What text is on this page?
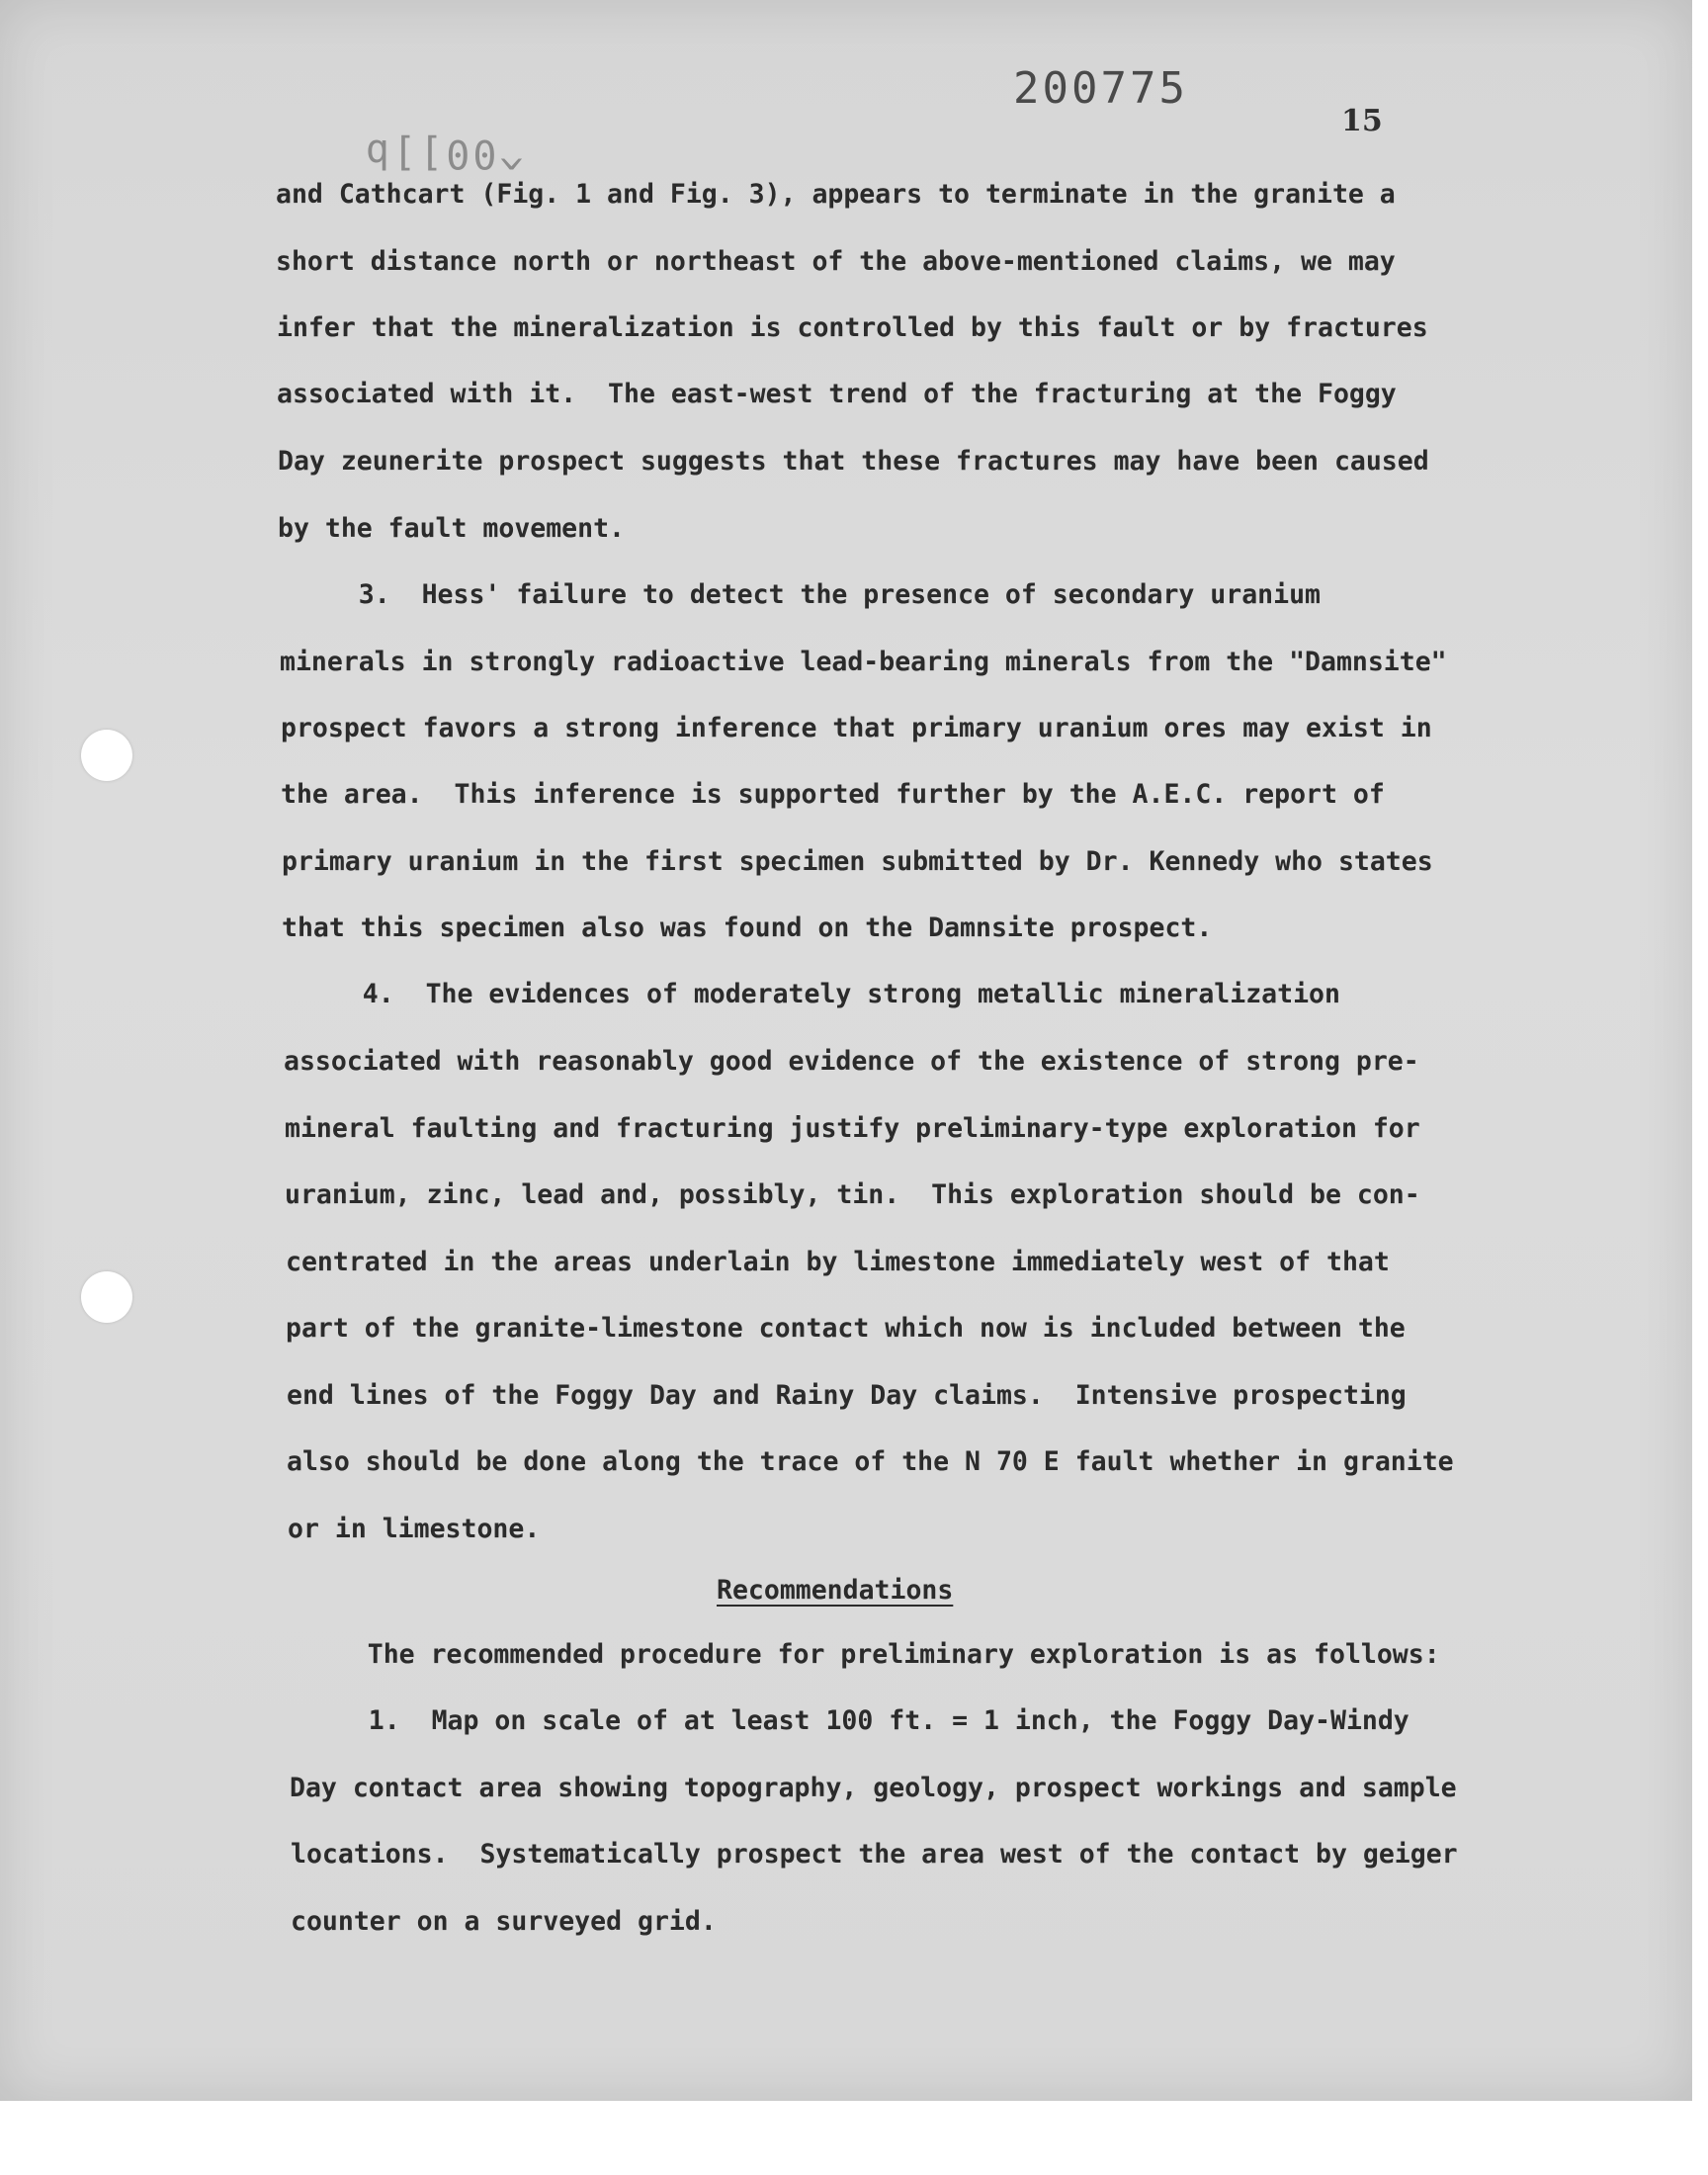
200775
d[[00^
15
and Cathcart (Fig. 1 and Fig. 3), appears to terminate in the granite a
short distance north or northeast of the above-mentioned claims, we may
infer that the mineralization is controlled by this fault or by fractures
associated with it.  The east-west trend of the fracturing at the Foggy
Day zeunerite prospect suggests that these fractures may have been caused
by the fault movement.
3.  Hess' failure to detect the presence of secondary uranium
minerals in strongly radioactive lead-bearing minerals from the "Damnsite"
prospect favors a strong inference that primary uranium ores may exist in
the area.  This inference is supported further by the A.E.C. report of
primary uranium in the first specimen submitted by Dr. Kennedy who states
that this specimen also was found on the Damnsite prospect.
4.  The evidences of moderately strong metallic mineralization
associated with reasonably good evidence of the existence of strong pre-
mineral faulting and fracturing justify preliminary-type exploration for
uranium, zinc, lead and, possibly, tin.  This exploration should be con-
centrated in the areas underlain by limestone immediately west of that
part of the granite-limestone contact which now is included between the
end lines of the Foggy Day and Rainy Day claims.  Intensive prospecting
also should be done along the trace of the N 70 E fault whether in granite
or in limestone.
Recommendations
The recommended procedure for preliminary exploration is as follows:
1.  Map on scale of at least 100 ft. = 1 inch, the Foggy Day-Windy
Day contact area showing topography, geology, prospect workings and sample
locations.  Systematically prospect the area west of the contact by geiger
counter on a surveyed grid.
